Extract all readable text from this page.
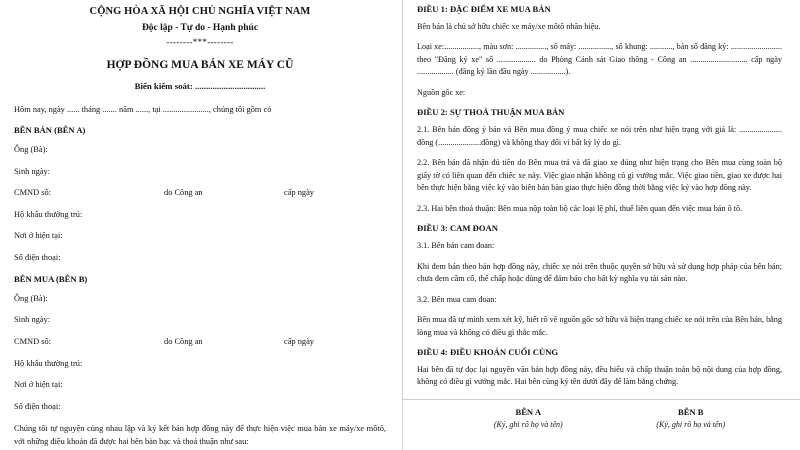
CỘNG HÒA XÃ HỘI CHỦ NGHĨA VIỆT NAM
Độc lập - Tự do - Hạnh phúc
--------***--------
HỢP ĐỒNG MUA BÁN XE MÁY CŨ
Biển kiểm soát: ................................
Hôm nay, ngày ...... tháng ....... năm ......, tại ......................, chúng tôi gồm có
BÊN BÁN (BÊN A)
Ông (Bà):
Sinh ngày:
CMND số:	do Công an	cấp ngày
Hộ khẩu thường trú:
Nơi ở hiện tại:
Số điện thoại:
BÊN MUA (BÊN B)
Ông (Bà):
Sinh ngày:
CMND số:	do Công an	cấp ngày
Hộ khẩu thường trú:
Nơi ở hiện tại:
Số điện thoại:
Chúng tôi tự nguyện cùng nhau lập và ký kết bản hợp đồng này để thực hiện việc mua bán xe máy/xe môtô, với những điều khoản đã được hai bên bàn bạc và thoả thuận như sau:
ĐIỀU 1: ĐẶC ĐIỂM XE MUA BÁN
Bên bán là chủ sở hữu chiếc xe máy/xe môtô nhãn hiệu.
Loại xe:................., màu sơn: ..............., số máy: ................, số khung: ..........., bản số đăng ký: ......................... theo "Đăng ký xe" số ................... do Phòng Cảnh sát Giao thông - Công an ............................ cấp ngày .................. (đăng ký lần đầu ngày .................).
Nguồn gốc xe:
ĐIỀU 2: SỰ THOẢ THUẬN MUA BÁN
2.1. Bên bán đồng ý bán và Bên mua đồng ý mua chiếc xe nói trên như hiện trạng với giá là: ..................... đồng (.....................đồng) và không thay đổi vì bất kỳ lý do gì.
2.2. Bên bán đã nhận đủ tiền do Bên mua trả và đã giao xe đúng như hiện trạng cho Bên mua cùng toàn bộ giấy tờ có liên quan đến chiếc xe này. Việc giao nhận không có gì vướng mắc. Việc giao tiền, giao xe được hai bên thực hiện bằng việc ký vào biên bản bàn giao thực hiện đồng thời bằng việc ký vào hợp đồng này.
2.3. Hai bên thoả thuận: Bên mua nộp toàn bộ các loại lệ phí, thuế liên quan đến việc mua bán ô tô.
ĐIỀU 3: CAM ĐOAN
3.1. Bên bán cam đoan:
Khi đem bán theo bản hợp đồng này, chiếc xe nói trên thuộc quyền sở hữu và sử dụng hợp pháp của bên bán; chưa đem cầm cố, thế chấp hoặc dùng để đảm bảo cho bất kỳ nghĩa vụ tài sản nào.
3.2. Bên mua cam đoan:
Bên mua đã tự mình xem xét kỹ, biết rõ về nguồn gốc sở hữu và hiện trạng chiếc xe nói trên của Bên bán, bằng lòng mua và không có điều gì thắc mắc.
ĐIỀU 4: ĐIỀU KHOẢN CUỐI CÙNG
Hai bên đã tự đọc lại nguyên văn bản hợp đồng này, đều hiểu và chấp thuận toàn bộ nội dung của hợp đồng, không có điều gì vướng mắc. Hai bên cùng ký tên dưới đây để làm bằng chứng.
BÊN A
(Ký, ghi rõ họ và tên)
BÊN B
(Ký, ghi rõ họ và tên)
